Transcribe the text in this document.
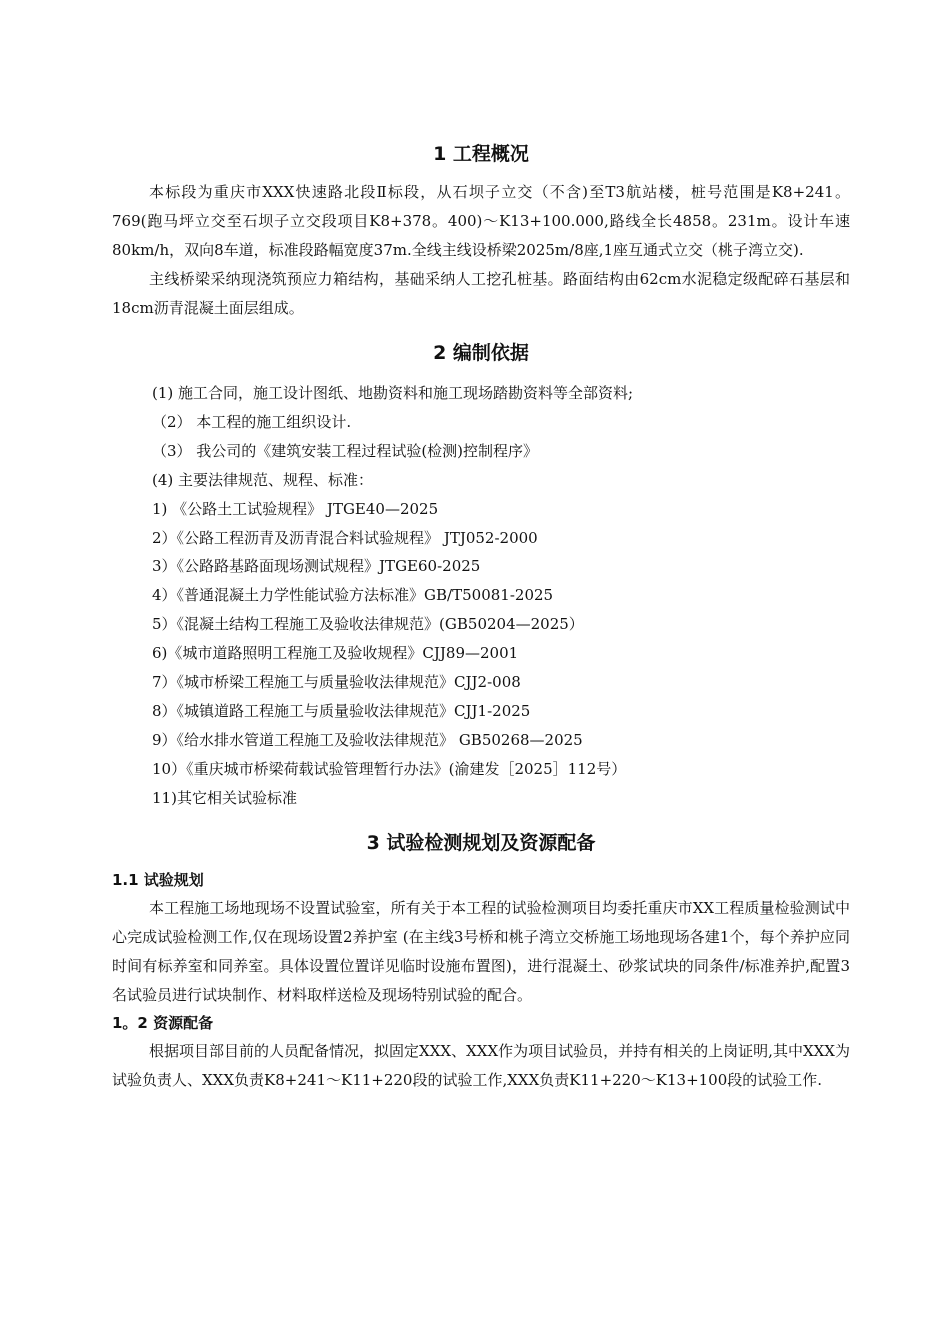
1 工程概况

本标段为重庆市XXX快速路北段Ⅱ标段，从石坝子立交（不含)至T3航站楼，桩号范围是K8+241。769(跑马坪立交至石坝子立交段项目K8+378。400)～K13+100.000,路线全长4858。231m。设计车速80km/h，双向8车道，标准段路幅宽度37m.全线主线设桥梁2025m/8座,1座互通式立交（桃子湾立交).

主线桥梁采纳现浇筑预应力箱结构，基础采纳人工挖孔桩基。路面结构由62cm水泥稳定级配碎石基层和18cm沥青混凝土面层组成。

2 编制依据

(1) 施工合同，施工设计图纸、地勘资料和施工现场踏勘资料等全部资料;

（2） 本工程的施工组织设计.

（3） 我公司的《建筑安装工程过程试验(检测)控制程序》

(4) 主要法律规范、规程、标准：

1) 《公路土工试验规程》 JTGE40—2025

2）《公路工程沥青及沥青混合料试验规程》 JTJ052-2000

3）《公路路基路面现场测试规程》JTGE60-2025

4）《普通混凝土力学性能试验方法标准》GB/T50081-2025

5）《混凝土结构工程施工及验收法律规范》(GB50204—2025）

6)《城市道路照明工程施工及验收规程》CJJ89—2001

7）《城市桥梁工程施工与质量验收法律规范》CJJ2-008

8）《城镇道路工程施工与质量验收法律规范》CJJ1-2025

9）《给水排水管道工程施工及验收法律规范》 GB50268—2025

10）《重庆城市桥梁荷载试验管理暂行办法》(渝建发［2025］112号）

11)其它相关试验标准

3 试验检测规划及资源配备
1.1 试验规划

本工程施工场地现场不设置试验室，所有关于本工程的试验检测项目均委托重庆市XX工程质量检验测试中心完成试验检测工作,仅在现场设置2养护室 (在主线3号桥和桃子湾立交桥施工场地现场各建1个，每个养护应同时间有标养室和同养室。具体设置位置详见临时设施布置图)，进行混凝土、砂浆试块的同条件/标准养护,配置3名试验员进行试块制作、材料取样送检及现场特别试验的配合。

1。2 资源配备

根据项目部目前的人员配备情况，拟固定XXX、XXX作为项目试验员，并持有相关的上岗证明,其中XXX为试验负责人、XXX负责K8+241～K11+220段的试验工作,XXX负责K11+220～K13+100段的试验工作.
